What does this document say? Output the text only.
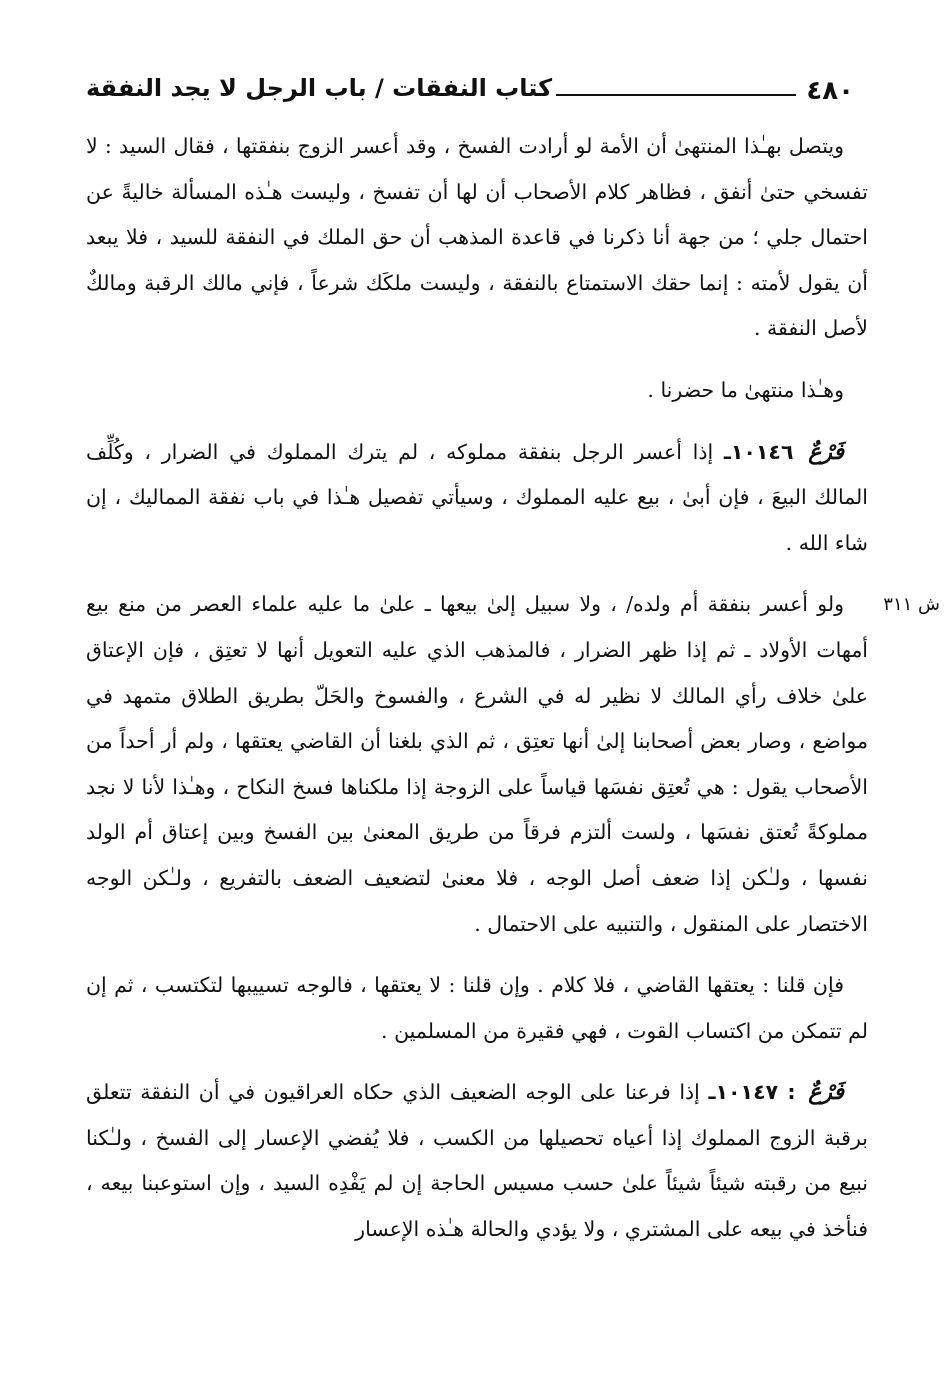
٤٨٠
كتاب النفقات / باب الرجل لا يجد النفقة
ش ٣١١

ويتصل بهـٰذا المنتهىٰ أن الأمة لو أرادت الفسخ ، وقد أعسر الزوج بنفقتها ، فقال السيد : لا تفسخي حتىٰ أنفق ، فظاهر كلام الأصحاب أن لها أن تفسخ ، وليست هـٰذه المسألة خاليةً عن احتمال جلي ؛ من جهة أنا ذكرنا في قاعدة المذهب أن حق الملك في النفقة للسيد ، فلا يبعد أن يقول لأمته : إنما حقك الاستمتاع بالنفقة ، وليست ملكَك شرعاً ، فإني مالك الرقبة ومالكٌ لأصل النفقة .

وهـٰذا منتهىٰ ما حضرنا .

فَرْعٌ ١٠١٤٦ـ إذا أعسر الرجل بنفقة مملوكه ، لم يترك المملوك في الضرار ، وكُلِّف المالك البيعَ ، فإن أبىٰ ، بيع عليه المملوك ، وسيأتي تفصيل هـٰذا في باب نفقة المماليك ، إن شاء الله .

ولو أعسر بنفقة أم ولده/ ، ولا سبيل إلىٰ بيعها ـ علىٰ ما عليه علماء العصر من منع بيع أمهات الأولاد ـ ثم إذا ظهر الضرار ، فالمذهب الذي عليه التعويل أنها لا تعتِق ، فإن الإعتاق علىٰ خلاف رأي المالك لا نظير له في الشرع ، والفسوخ والحَلّ بطريق الطلاق متمهد في مواضع ، وصار بعض أصحابنا إلىٰ أنها تعتِق ، ثم الذي بلغنا أن القاضي يعتقها ، ولم أر أحداً من الأصحاب يقول : هي تُعتِق نفسَها قياساً على الزوجة إذا ملكناها فسخ النكاح ، وهـٰذا لأنا لا نجد مملوكةً تُعتق نفسَها ، ولست ألتزم فرقاً من طريق المعنىٰ بين الفسخ وبين إعتاق أم الولد نفسها ، ولـٰكن إذا ضعف أصل الوجه ، فلا معنىٰ لتضعيف الضعف بالتفريع ، ولـٰكن الوجه الاختصار على المنقول ، والتنبيه على الاحتمال .

فإن قلنا : يعتقها القاضي ، فلا كلام . وإن قلنا : لا يعتقها ، فالوجه تسييبها لتكتسب ، ثم إن لم تتمكن من اكتساب القوت ، فهي فقيرة من المسلمين .

فَرْعٌ : ١٠١٤٧ـ إذا فرعنا على الوجه الضعيف الذي حكاه العراقيون في أن النفقة تتعلق برقبة الزوج المملوك إذا أعياه تحصيلها من الكسب ، فلا يُفضي الإعسار إلى الفسخ ، ولـٰكنا نبيع من رقبته شيئاً شيئاً علىٰ حسب مسيس الحاجة إن لم يَفْدِه السيد ، وإن استوعبنا بيعه ، فنأخذ في بيعه على المشتري ، ولا يؤدي والحالة هـٰذه الإعسار
